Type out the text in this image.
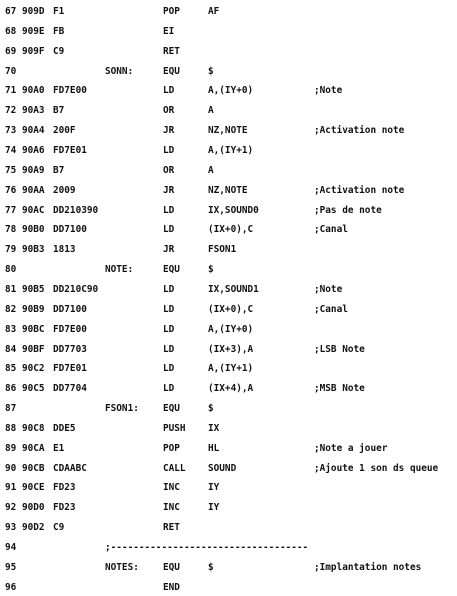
67 909D F1	POP	AF
68 909E FB	EI
69 909F C9	RET
70	SONN:	EQU	$
71 90A0 FD7E00	LD	A,(IY+0)	;Note
72 90A3 B7	OR	A
73 90A4 200F	JR	NZ,NOTE	;Activation note
74 90A6 FD7E01	LD	A,(IY+1)
75 90A9 B7	OR	A
76 90AA 2009	JR	NZ,NOTE	;Activation note
77 90AC DD210390	LD	IX,SOUND0	;Pas de note
78 90B0 DD7100	LD	(IX+0),C	;Canal
79 90B3 1813	JR	FSON1
80	NOTE:	EQU	$
81 90B5 DD210C90	LD	IX,SOUND1	;Note
82 90B9 DD7100	LD	(IX+0),C	;Canal
83 90BC FD7E00	LD	A,(IY+0)
84 90BF DD7703	LD	(IX+3),A	;LSB Note
85 90C2 FD7E01	LD	A,(IY+1)
86 90C5 DD7704	LD	(IX+4),A	;MSB Note
87	FSON1:	EQU	$
88 90C8 DDE5	PUSH IX
89 90CA E1	POP	HL	;Note a jouer
90 90CB CDAABC	CALL SOUND	;Ajoute 1 son ds queue
91 90CE FD23	INC	IY
92 90D0 FD23	INC	IY
93 90D2 C9	RET
94	;-----------------------------------
95	NOTES:	EQU	$	;Implantation notes
96	END
